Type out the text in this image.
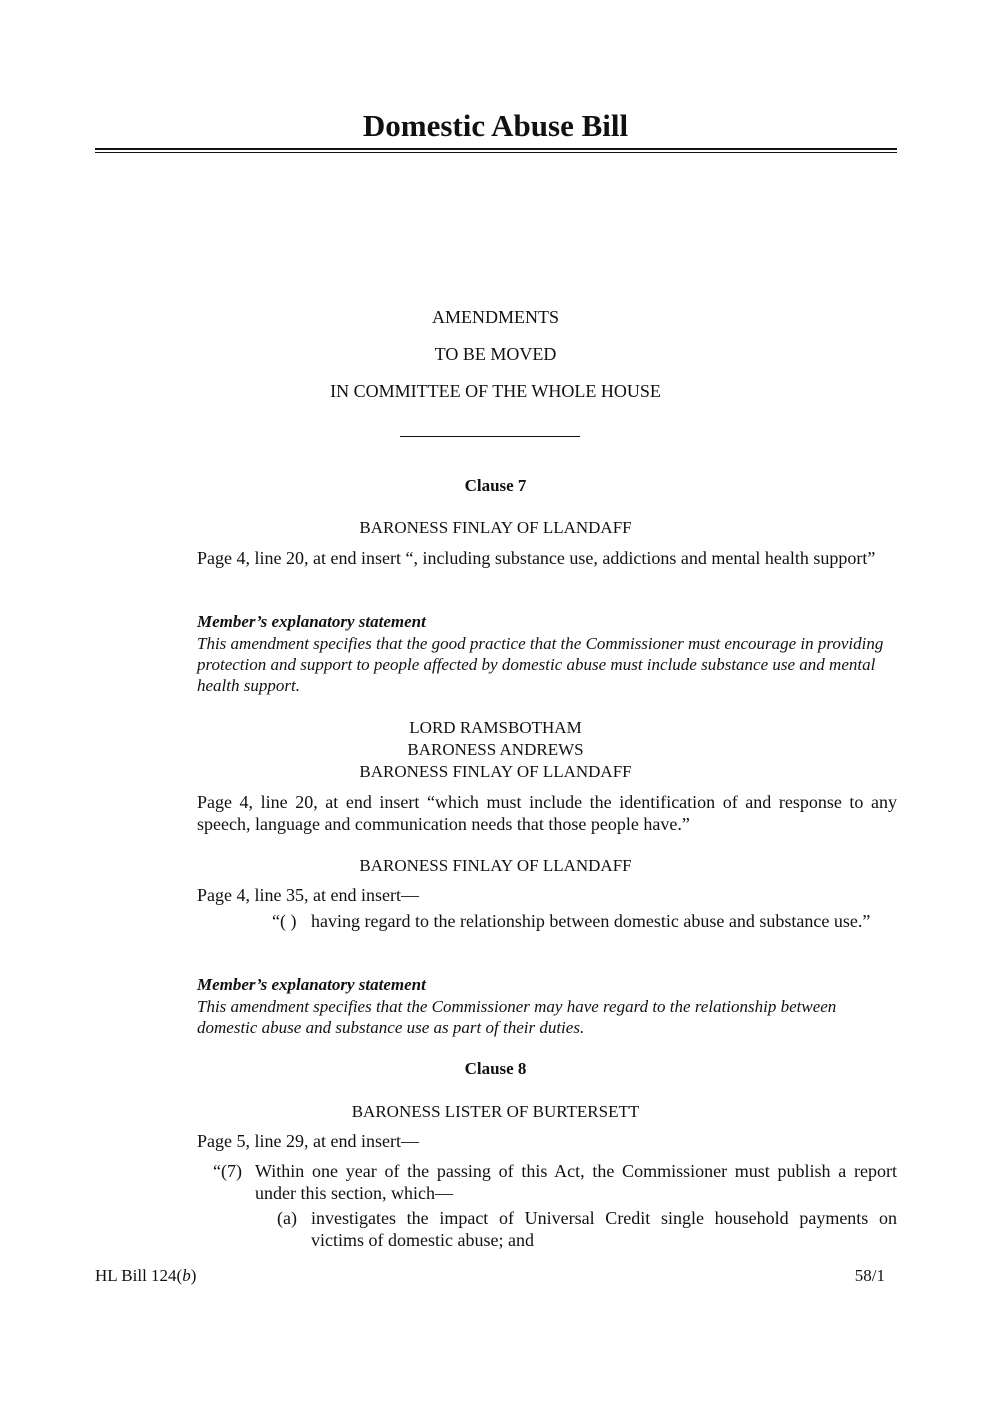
Domestic Abuse Bill
AMENDMENTS
TO BE MOVED
IN COMMITTEE OF THE WHOLE HOUSE
Clause 7
BARONESS FINLAY OF LLANDAFF
Page 4, line 20, at end insert “, including substance use, addictions and mental health support”
Member’s explanatory statement
This amendment specifies that the good practice that the Commissioner must encourage in providing protection and support to people affected by domestic abuse must include substance use and mental health support.
LORD RAMSBOTHAM
BARONESS ANDREWS
BARONESS FINLAY OF LLANDAFF
Page 4, line 20, at end insert “which must include the identification of and response to any speech, language and communication needs that those people have.”
BARONESS FINLAY OF LLANDAFF
Page 4, line 35, at end insert—
“( ) having regard to the relationship between domestic abuse and substance use.”
Member’s explanatory statement
This amendment specifies that the Commissioner may have regard to the relationship between domestic abuse and substance use as part of their duties.
Clause 8
BARONESS LISTER OF BURTERSETT
Page 5, line 29, at end insert—
“(7) Within one year of the passing of this Act, the Commissioner must publish a report under this section, which—
(a) investigates the impact of Universal Credit single household payments on victims of domestic abuse; and
HL Bill 124(b)	58/1
